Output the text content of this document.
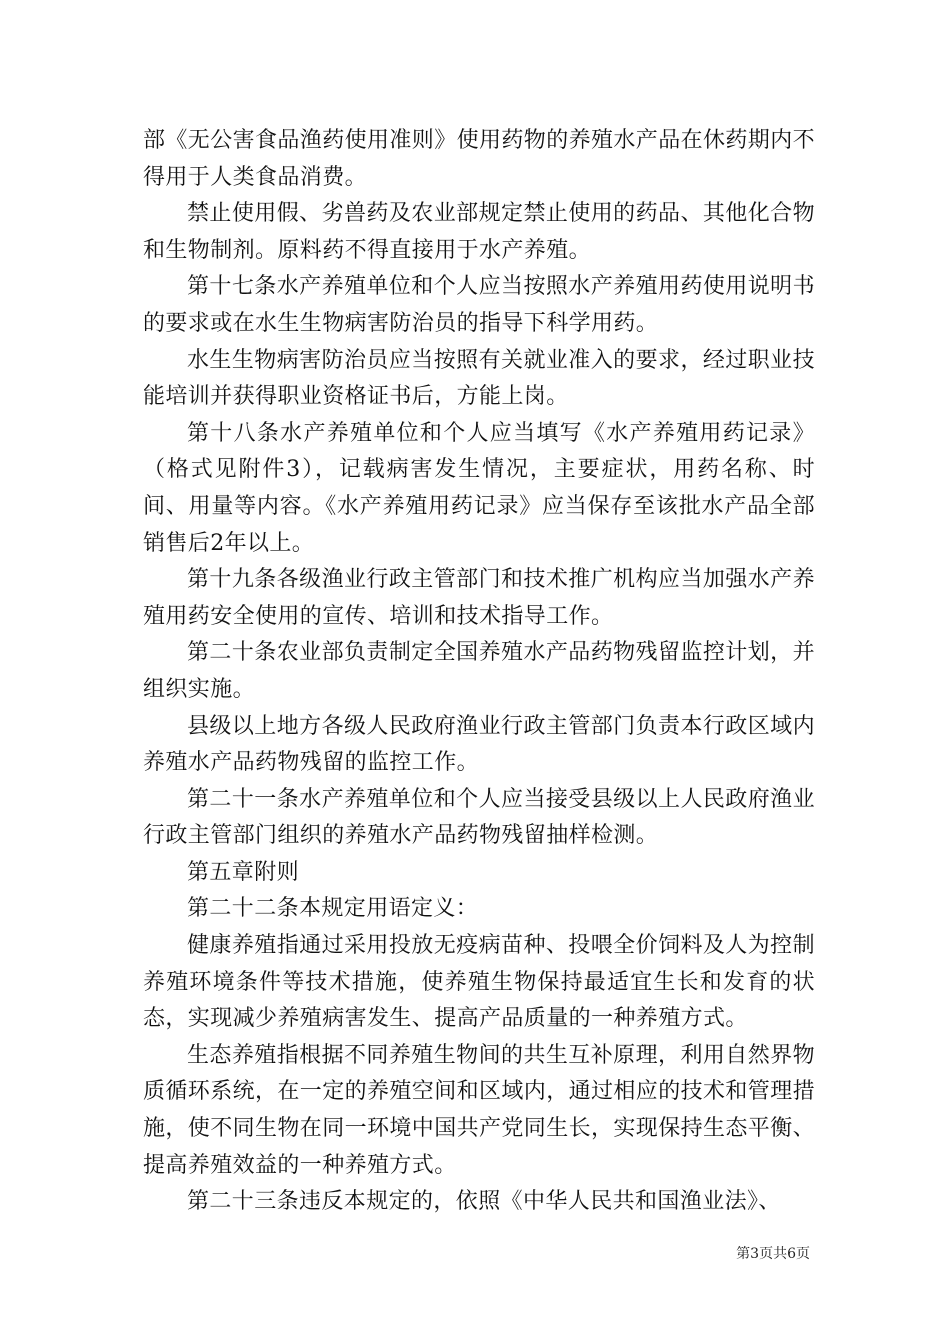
部《无公害食品渔药使用准则》使用药物的养殖水产品在休药期内不得用于人类食品消费。

禁止使用假、劣兽药及农业部规定禁止使用的药品、其他化合物和生物制剂。原料药不得直接用于水产养殖。

第十七条水产养殖单位和个人应当按照水产养殖用药使用说明书的要求或在水生生物病害防治员的指导下科学用药。

水生生物病害防治员应当按照有关就业准入的要求，经过职业技能培训并获得职业资格证书后，方能上岗。

第十八条水产养殖单位和个人应当填写《水产养殖用药记录》（格式见附件3），记载病害发生情况，主要症状，用药名称、时间、用量等内容。《水产养殖用药记录》应当保存至该批水产品全部销售后2年以上。

第十九条各级渔业行政主管部门和技术推广机构应当加强水产养殖用药安全使用的宣传、培训和技术指导工作。

第二十条农业部负责制定全国养殖水产品药物残留监控计划，并组织实施。

县级以上地方各级人民政府渔业行政主管部门负责本行政区域内养殖水产品药物残留的监控工作。

第二十一条水产养殖单位和个人应当接受县级以上人民政府渔业行政主管部门组织的养殖水产品药物残留抽样检测。

第五章附则

第二十二条本规定用语定义：

健康养殖指通过采用投放无疫病苗种、投喂全价饲料及人为控制养殖环境条件等技术措施，使养殖生物保持最适宜生长和发育的状态，实现减少养殖病害发生、提高产品质量的一种养殖方式。

生态养殖指根据不同养殖生物间的共生互补原理，利用自然界物质循环系统，在一定的养殖空间和区域内，通过相应的技术和管理措施，使不同生物在同一环境中国共产党同生长，实现保持生态平衡、提高养殖效益的一种养殖方式。

第二十三条违反本规定的，依照《中华人民共和国渔业法》、

第3页共6页
